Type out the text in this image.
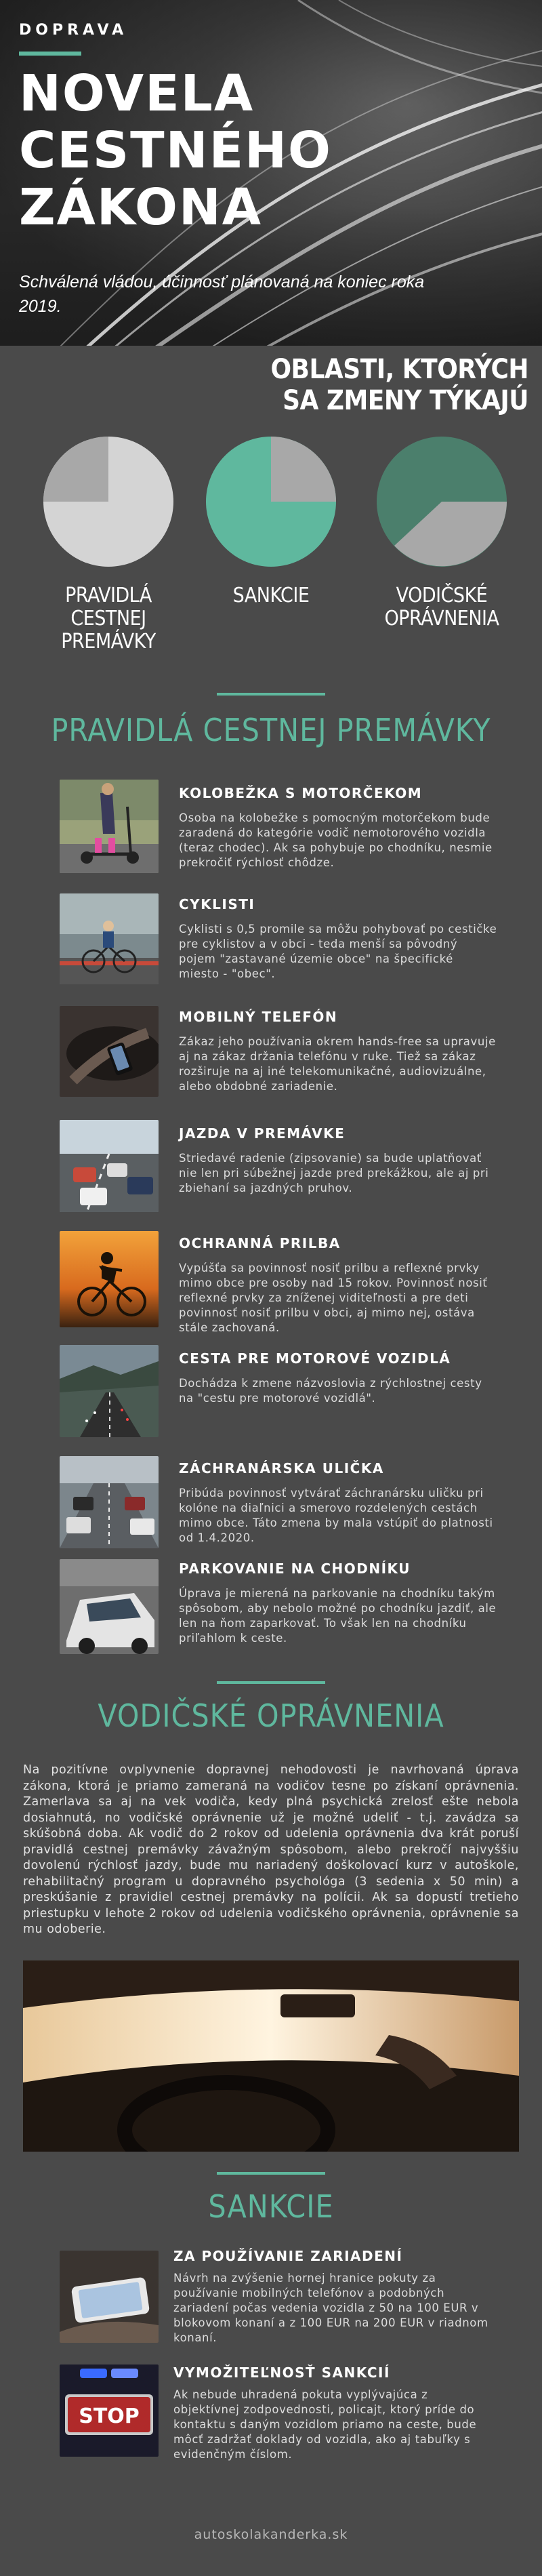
DOPRAVA
NOVELA
CESTNÉHO
ZÁKONA
Schválená vládou, účinnosť plánovaná na koniec roka 2019.
OBLASTI, KTORÝCH
SA ZMENY TÝKAJÚ
PRAVIDLÁ
CESTNEJ
PREMÁVKY
SANKCIE	VODIČSKÉ
OPRÁVNENIA
PRAVIDLÁ CESTNEJ PREMÁVKY
KOLOBEŽKA S MOTORČEKOM
Osoba na kolobežke s pomocným motorčekom bude zaradená do kategórie vodič nemotorového vozidla (teraz chodec). Ak sa pohybuje po chodníku, nesmie prekročiť rýchlosť chôdze.
CYKLISTI
Cyklisti s 0,5 promile sa môžu pohybovať po cestičke pre cyklistov a v obci - teda menší sa pôvodný pojem "zastavané územie obce" na špecifické miesto - "obec".
MOBILNÝ TELEFÓN
Zákaz jeho používania okrem hands-free sa upravuje aj na zákaz držania telefónu v ruke. Tiež sa zákaz rozširuje na aj iné telekomunikačné, audiovizuálne, alebo obdobné zariadenie.
JAZDA V PREMÁVKE
Striedavé radenie (zipsovanie) sa bude uplatňovať nie len pri súbežnej jazde pred prekážkou, ale aj pri zbiehaní sa jazdných pruhov.
OCHRANNÁ PRILBA
Vypúšťa sa povinnosť nosiť prilbu a reflexné prvky mimo obce pre osoby nad 15 rokov. Povinnosť nosiť reflexné prvky za zníženej viditeľnosti a pre deti povinnosť nosiť prilbu v obci, aj mimo nej, ostáva stále zachovaná.
CESTA PRE MOTOROVÉ VOZIDLÁ
Dochádza k zmene názvoslovia z rýchlostnej cesty na "cestu pre motorové vozidlá".
ZÁCHRANÁRSKA ULIČKA
Pribúda povinnosť vytvárať záchranársku uličku pri kolóne na diaľnici a smerovo rozdelených cestách mimo obce. Táto zmena by mala vstúpiť do platnosti od 1.4.2020.
PARKOVANIE NA CHODNÍKU
Úprava je mierená na parkovanie na chodníku takým spôsobom, aby nebolo možné po chodníku jazdiť, ale len na ňom zaparkovať. To však len na chodníku priľahlom k ceste.
VODIČSKÉ OPRÁVNENIA
Na pozitívne ovplyvnenie dopravnej nehodovosti je navrhovaná úprava zákona, ktorá je priamo zameraná na vodičov tesne po získaní oprávnenia. Zamerlava sa aj na vek vodiča, kedy plná psychická zrelosť ešte nebola dosiahnutá, no vodičské oprávnenie už je možné udeliť - t.j. zavádza sa skúšobná doba. Ak vodič do 2 rokov od udelenia oprávnenia dva krát poruší pravidlá cestnej premávky závažným spôsobom, alebo prekročí najvyššiu dovolenú rýchlosť jazdy, bude mu nariadený doškolovací kurz v autoškole, rehabilitačný program u dopravného psychológa (3 sedenia x 50 min) a preskúšanie z pravidiel cestnej premávky na polícii. Ak sa dopustí tretieho priestupku v lehote 2 rokov od udelenia vodičského oprávnenia, oprávnenie sa mu odoberie.
SANKCIE
ZA POUŽÍVANIE ZARIADENÍ
Návrh na zvýšenie hornej hranice pokuty za používanie mobilných telefónov a podobných zariadení počas vedenia vozidla z 50 na 100 EUR v blokovom konaní a z 100 EUR na 200 EUR v riadnom konaní.
STOP
VYMOŽITEĽNOSŤ SANKCIÍ
Ak nebude uhradená pokuta vyplývajúca z objektívnej zodpovednosti, policajt, ktorý príde do kontaktu s daným vozidlom priamo na ceste, bude môcť zadržať doklady od vozidla, ako aj tabuľky s evidenčným číslom.
autoskolakanderka.sk
